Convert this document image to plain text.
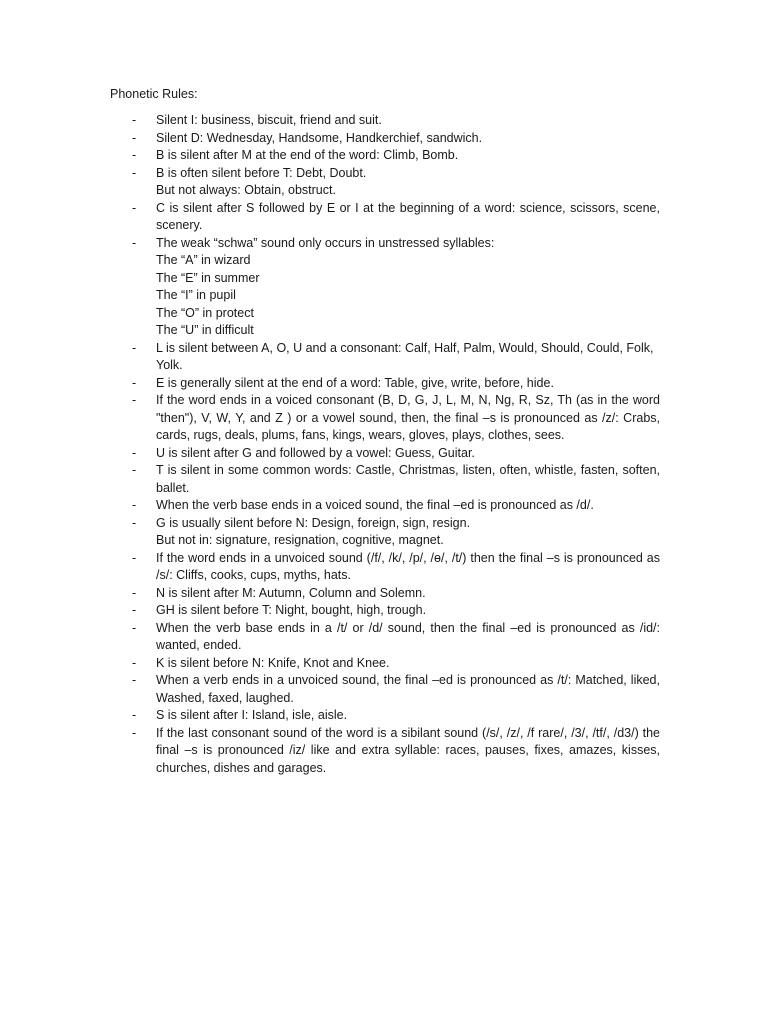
Phonetic Rules:

-	Silent I: business, biscuit, friend and suit.
-	Silent D: Wednesday, Handsome, Handkerchief, sandwich.
-	B is silent after M at the end of the word: Climb, Bomb.
-	B is often silent before T: Debt, Doubt.
But not always: Obtain, obstruct.
-	C is silent after S followed by E or I at the beginning of a word: science, scissors, scene, scenery.
-	The weak “schwa” sound only occurs in unstressed syllables:
The “A” in wizard
The “E” in summer
The “I” in pupil
The “O” in protect
The “U” in difficult
-	L is silent between A, O, U and a consonant: Calf, Half, Palm, Would, Should, Could, Folk, Yolk.
-	E is generally silent at the end of a word: Table, give, write, before, hide.
-	If the word ends in a voiced consonant (B, D, G, J, L, M, N, Ng, R, Sz, Th (as in the word "then"), V, W, Y, and Z ) or a vowel sound, then, the final –s is pronounced as /z/: Crabs, cards, rugs, deals, plums, fans, kings, wears, gloves, plays, clothes, sees.
-	U is silent after G and followed by a vowel: Guess, Guitar.
-	T is silent in some common words: Castle, Christmas, listen, often, whistle, fasten, soften, ballet.
-	When the verb base ends in a voiced sound, the final –ed is pronounced as /d/.
-	G is usually silent before N: Design, foreign, sign, resign.
But not in: signature, resignation, cognitive, magnet.
-	If the word ends in a unvoiced sound (/f/, /k/, /p/, /ɵ/, /t/) then the final –s is pronounced as /s/: Cliffs, cooks, cups, myths, hats.
-	N is silent after M: Autumn, Column and Solemn.
-	GH is silent before T: Night, bought, high, trough.
-	When the verb base ends in a /t/ or /d/ sound, then the final –ed is pronounced as /id/: wanted, ended.
-	K is silent before N: Knife, Knot and Knee.
-	When a verb ends in a unvoiced sound, the final –ed is pronounced as /t/: Matched, liked, Washed, faxed, laughed.
-	S is silent after I: Island, isle, aisle.
-	If the last consonant sound of the word is a sibilant sound (/s/, /z/, /f rare/, /3/, /tf/, /d3/) the final –s is pronounced /iz/ like and extra syllable: races, pauses, fixes, amazes, kisses, churches, dishes and garages.
